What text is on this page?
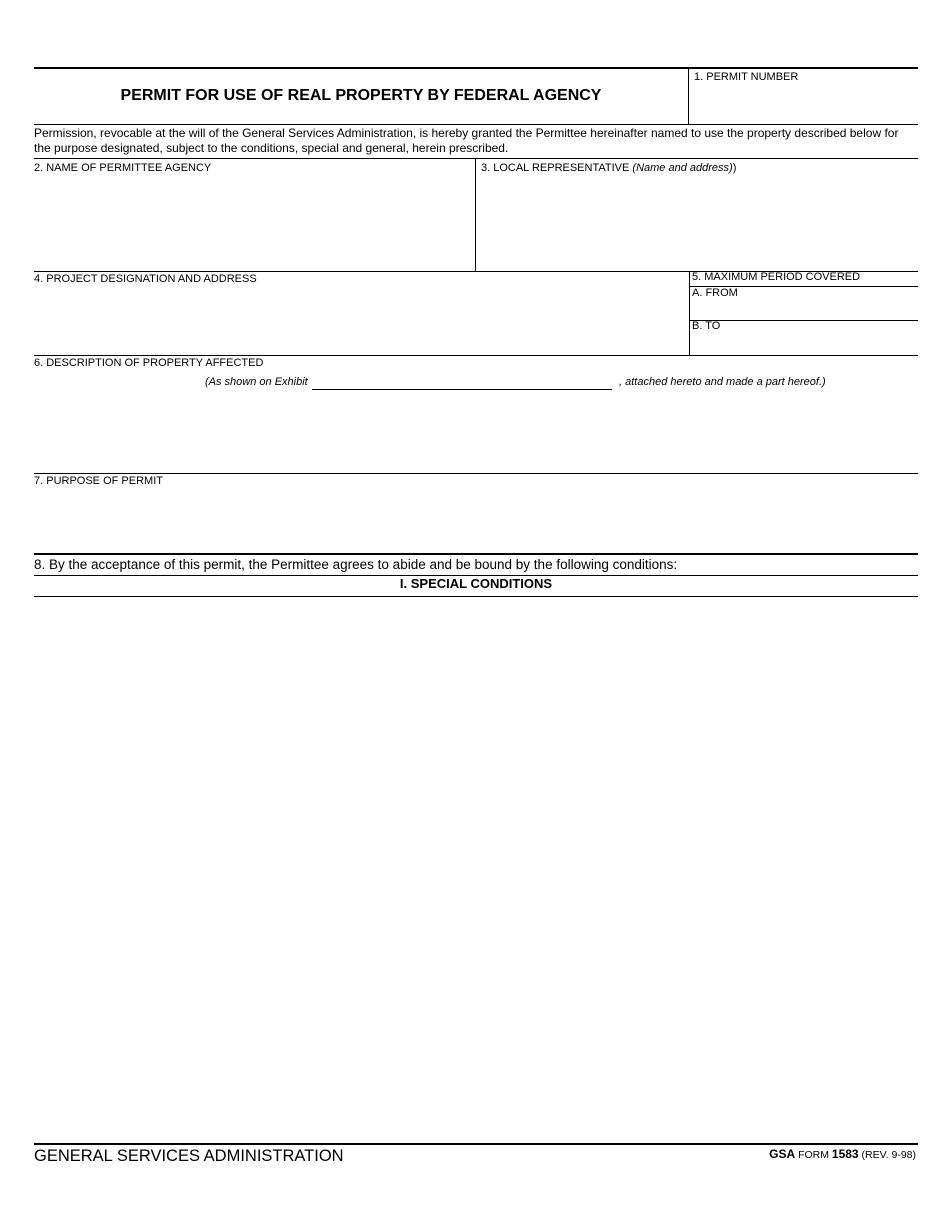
PERMIT FOR USE OF REAL PROPERTY BY FEDERAL AGENCY
1. PERMIT NUMBER
Permission, revocable at the will of the General Services Administration, is hereby granted the Permittee hereinafter named to use the property described below for the purpose designated, subject to the conditions, special and general, herein prescribed.
2. NAME OF PERMITTEE AGENCY	3. LOCAL REPRESENTATIVE (Name and address))
4. PROJECT DESIGNATION AND ADDRESS	5. MAXIMUM PERIOD COVERED
A. FROM
B. TO
6. DESCRIPTION OF PROPERTY AFFECTED
(As shown on Exhibit	, attached hereto and made a part hereof.)
7. PURPOSE OF PERMIT
8. By the acceptance of this permit, the Permittee agrees to abide and be bound by the following conditions:
I. SPECIAL CONDITIONS
GENERAL SERVICES ADMINISTRATION	GSA FORM 1583 (REV. 9-98)
